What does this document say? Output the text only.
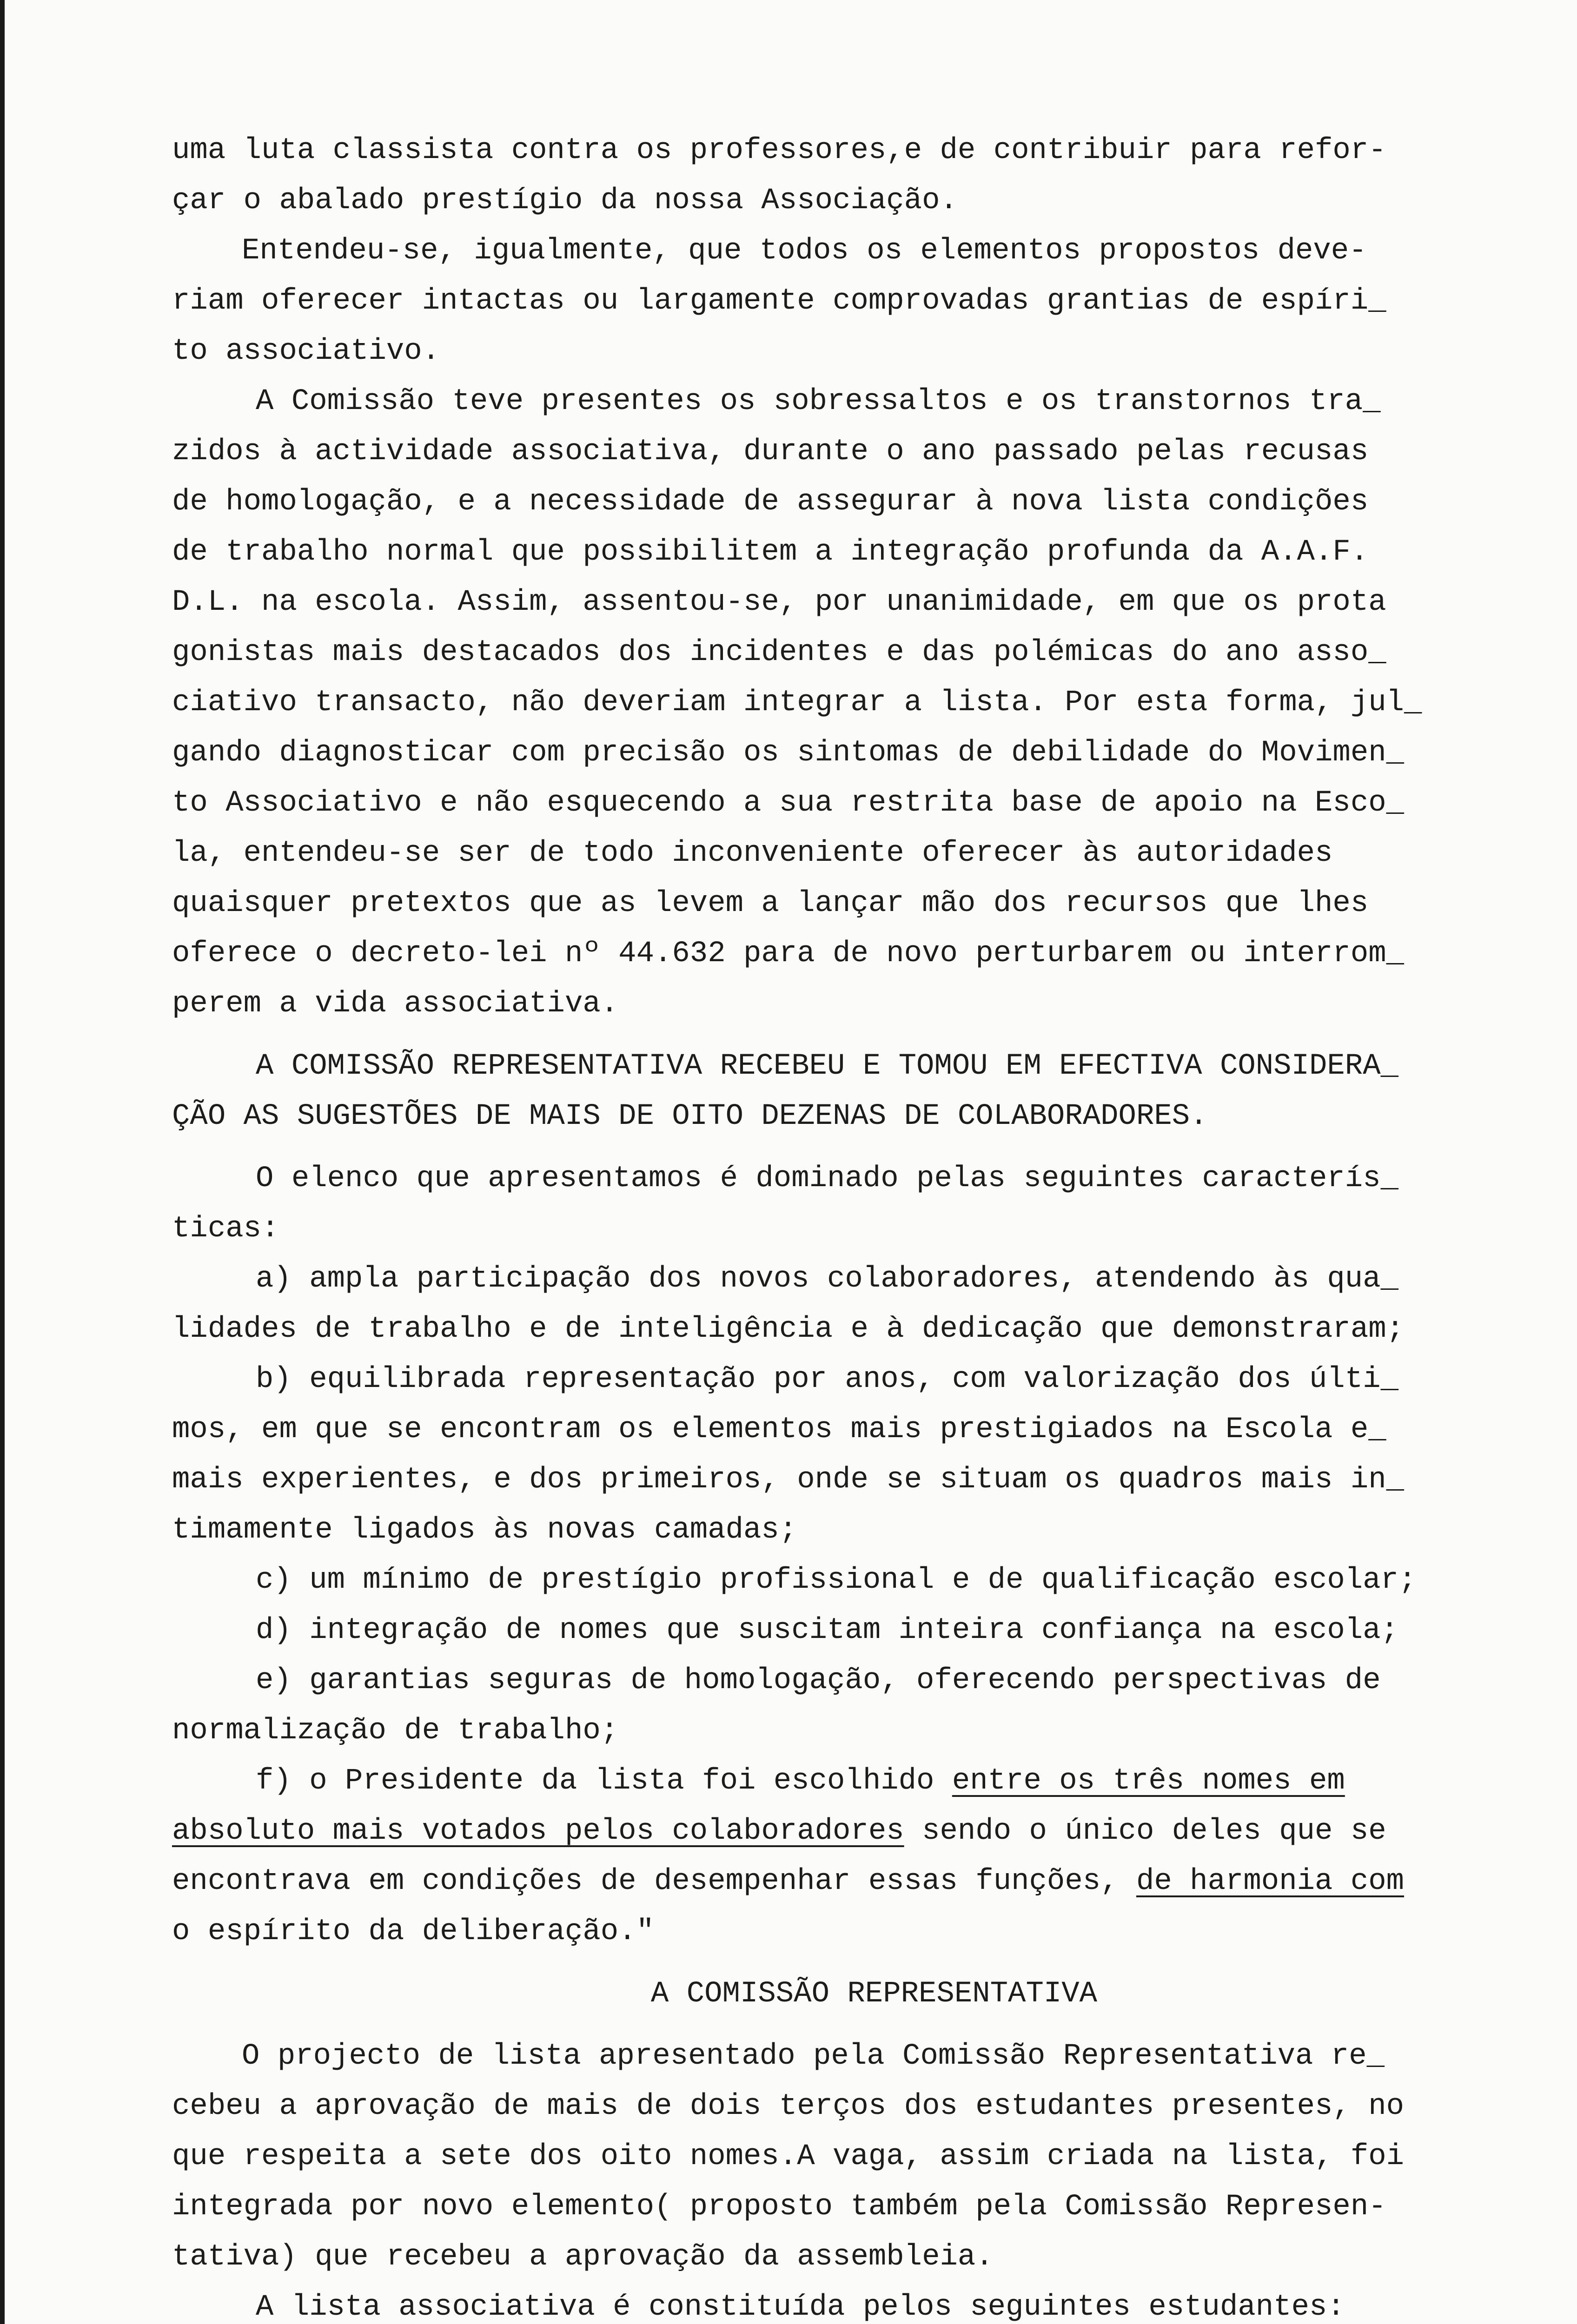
uma luta classista contra os professores,e de contribuir para refor-
çar o abalado prestígio da nossa Associação.
Entendeu-se, igualmente, que todos os elementos propostos deve-
riam oferecer intactas ou largamente comprovadas grantias de espíri_
to associativo.
A Comissão teve presentes os sobressaltos e os transtornos tra_
zidos à actividade associativa, durante o ano passado pelas recusas
de homologação, e a necessidade de assegurar à nova lista condições
de trabalho normal que possibilitem a integração profunda da A.A.F.
D.L. na escola. Assim, assentou-se, por unanimidade, em que os prota
gonistas mais destacados dos incidentes e das polémicas do ano asso_
ciativo transacto, não deveriam integrar a lista. Por esta forma, jul_
gando diagnosticar com precisão os sintomas de debilidade do Movimen_
to Associativo e não esquecendo a sua restrita base de apoio na Esco_
la, entendeu-se ser de todo inconveniente oferecer às autoridades
quaisquer pretextos que as levem a lançar mão dos recursos que lhes
oferece o decreto-lei nº 44.632 para de novo perturbarem ou interrom_
perem a vida associativa.
A COMISSÃO REPRESENTATIVA RECEBEU E TOMOU EM EFECTIVA CONSIDERA_
ÇÃO AS SUGESTÕES DE MAIS DE OITO DEZENAS DE COLABORADORES.
O elenco que apresentamos é dominado pelas seguintes caracterís_
ticas:
a) ampla participação dos novos colaboradores, atendendo às qua_
lidades de trabalho e de inteligência e à dedicação que demonstraram;
b) equilibrada representação por anos, com valorização dos últi_
mos, em que se encontram os elementos mais prestigiados na Escola e_
mais experientes, e dos primeiros, onde se situam os quadros mais in_
timamente ligados às novas camadas;
c) um mínimo de prestígio profissional e de qualificação escolar;
d) integração de nomes que suscitam inteira confiança na escola;
e) garantias seguras de homologação, oferecendo perspectivas de
normalização de trabalho;
f) o Presidente da lista foi escolhido entre os três nomes em
absoluto mais votados pelos colaboradores sendo o único deles que se
encontrava em condições de desempenhar essas funções, de harmonia com
o espírito da deliberação."
A COMISSÃO REPRESENTATIVA
O projecto de lista apresentado pela Comissão Representativa re_
cebeu a aprovação de mais de dois terços dos estudantes presentes, no
que respeita a sete dos oito nomes.A vaga, assim criada na lista, foi
integrada por novo elemento( proposto também pela Comissão Represen-
tativa) que recebeu a aprovação da assembleia.
A lista associativa é constituída pelos seguintes estudantes:
